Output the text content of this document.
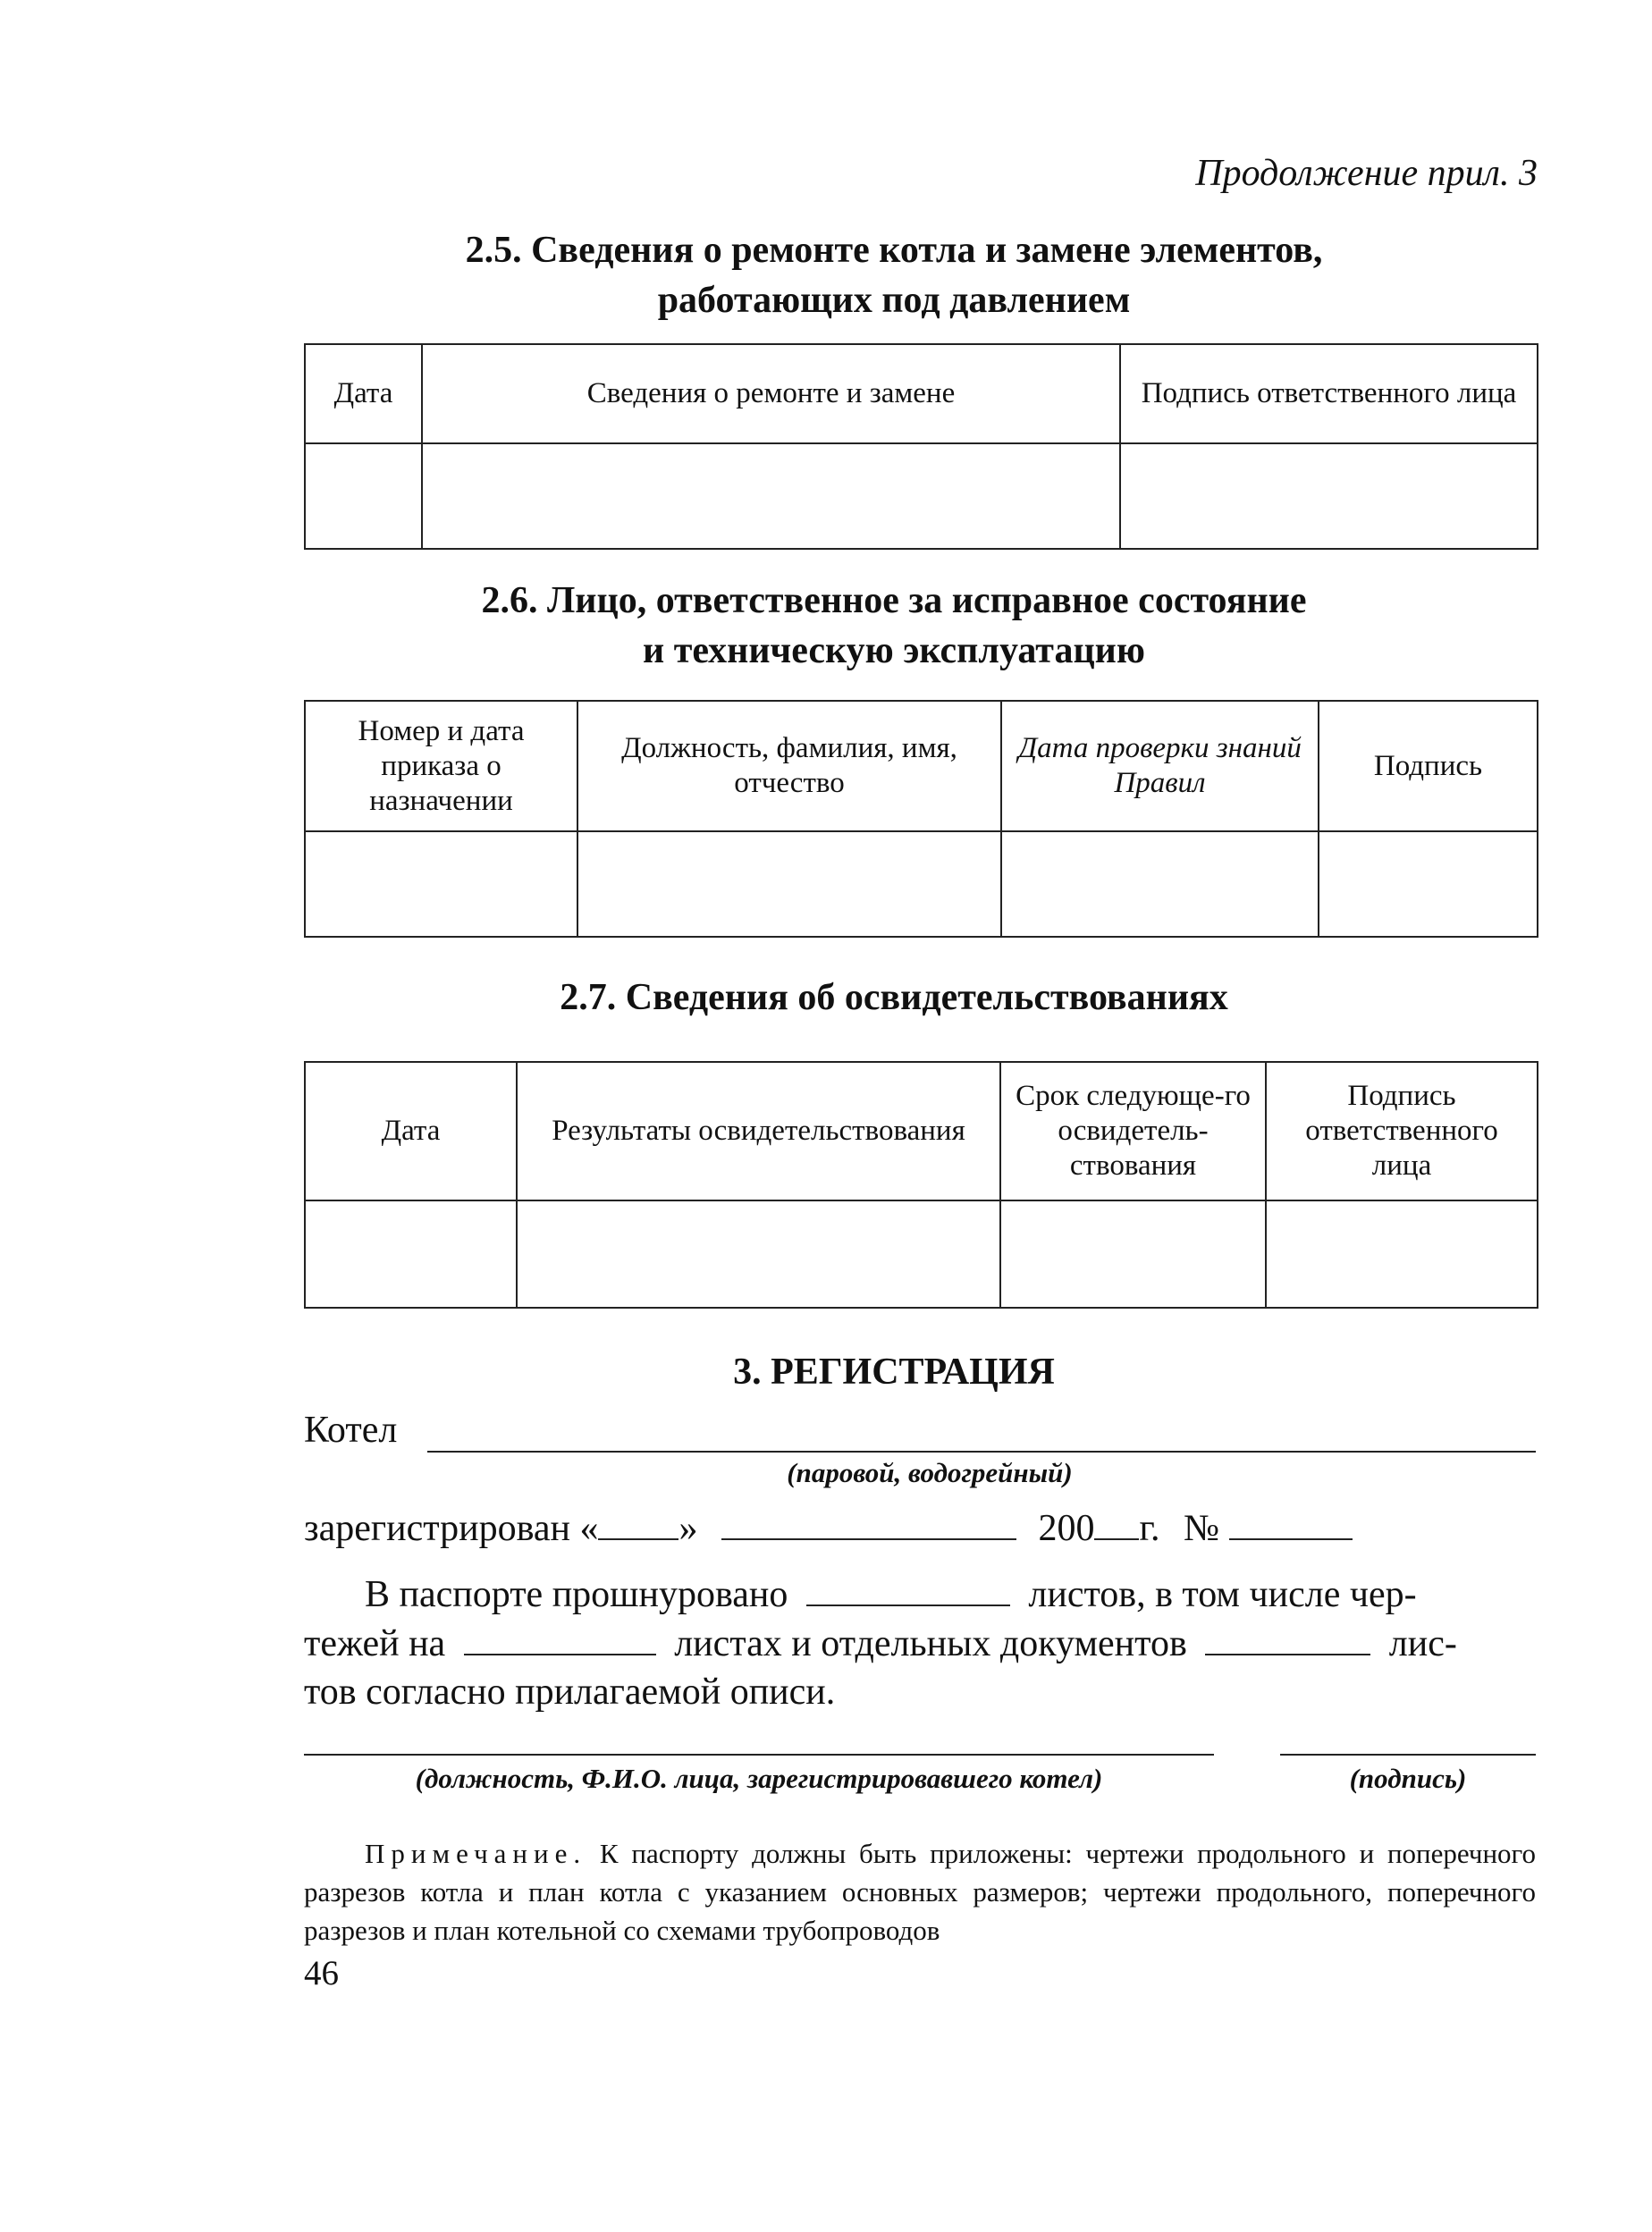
Продолжение прил. 3
2.5. Сведения о ремонте котла и замене элементов,
работающих под давлением
Дата	Сведения о ремонте и замене	Подпись ответственного лица

2.6. Лицо, ответственное за исправное состояние
и техническую эксплуатацию
Номер и дата приказа о назначении	Должность, фамилия, имя, отчество	Дата проверки знаний Правил	Подпись

2.7. Сведения об освидетельствованиях
Дата	Результаты освидетельствования	Срок следующе-го освидетель-ствования	Подпись ответственного лица

3. РЕГИСТРАЦИЯ
Котел
(паровой, водогрейный)
зарегистрирован « »	200 г. №
В паспорте прошнуровано	листов, в том числе чер-
тежей на	листах и отдельных документов	лис-
тов согласно прилагаемой описи.
(должность, Ф.И.О. лица, зарегистрировавшего котел)	(подпись)
Примечание. К паспорту должны быть приложены: чертежи продольного и поперечного разрезов котла и план котла с указанием основных размеров; чертежи продольного, поперечного разрезов и план котельной со схемами трубопроводов
46
